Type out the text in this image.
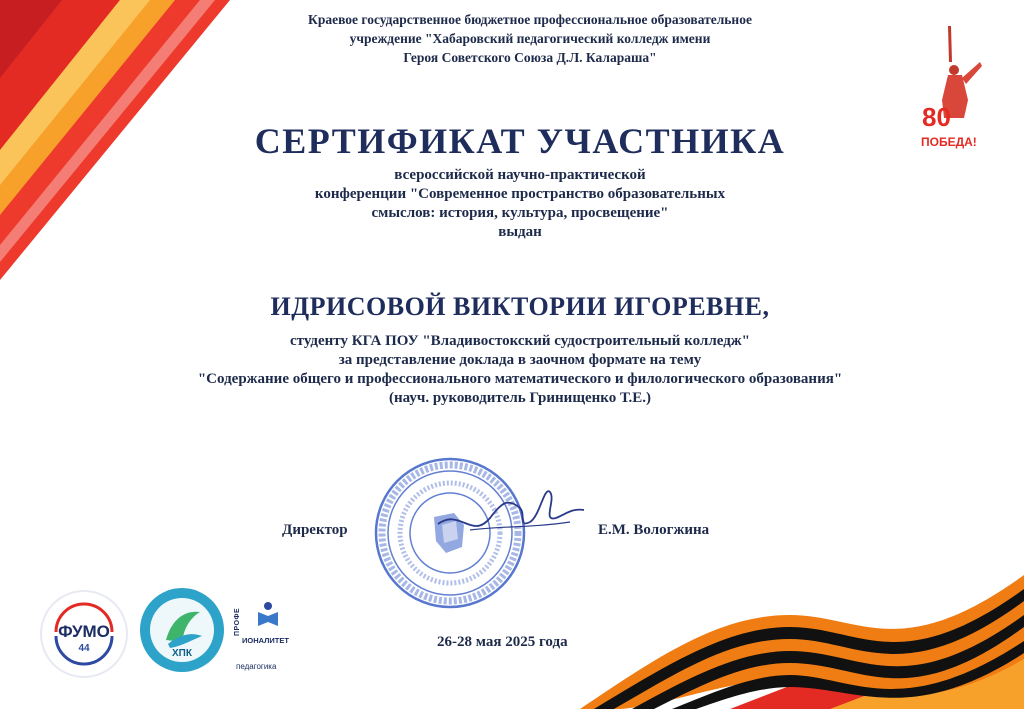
Краевое государственное бюджетное профессиональное образовательное
учреждение "Хабаровский педагогический колледж имени
Героя Советского Союза Д.Л. Калараша"
80
ПОБЕДА!
СЕРТИФИКАТ УЧАСТНИКА
всероссийской научно-практической
конференции "Современное пространство образовательных
смыслов: история, культура, просвещение"
выдан
ИДРИСОВОЙ ВИКТОРИИ ИГОРЕВНЕ,
студенту КГА ПОУ "Владивостокский судостроительный колледж"
за представление доклада в заочном формате на тему
"Содержание общего и профессионального математического и филологического образования"
(науч. руководитель Гринищенко Т.Е.)
Директор	Е.М. Вологжина
ФУМО
44	ХПК
ПРОФЕ
ИОНАЛИТЕТ
педагогика
26-28 мая 2025 года
